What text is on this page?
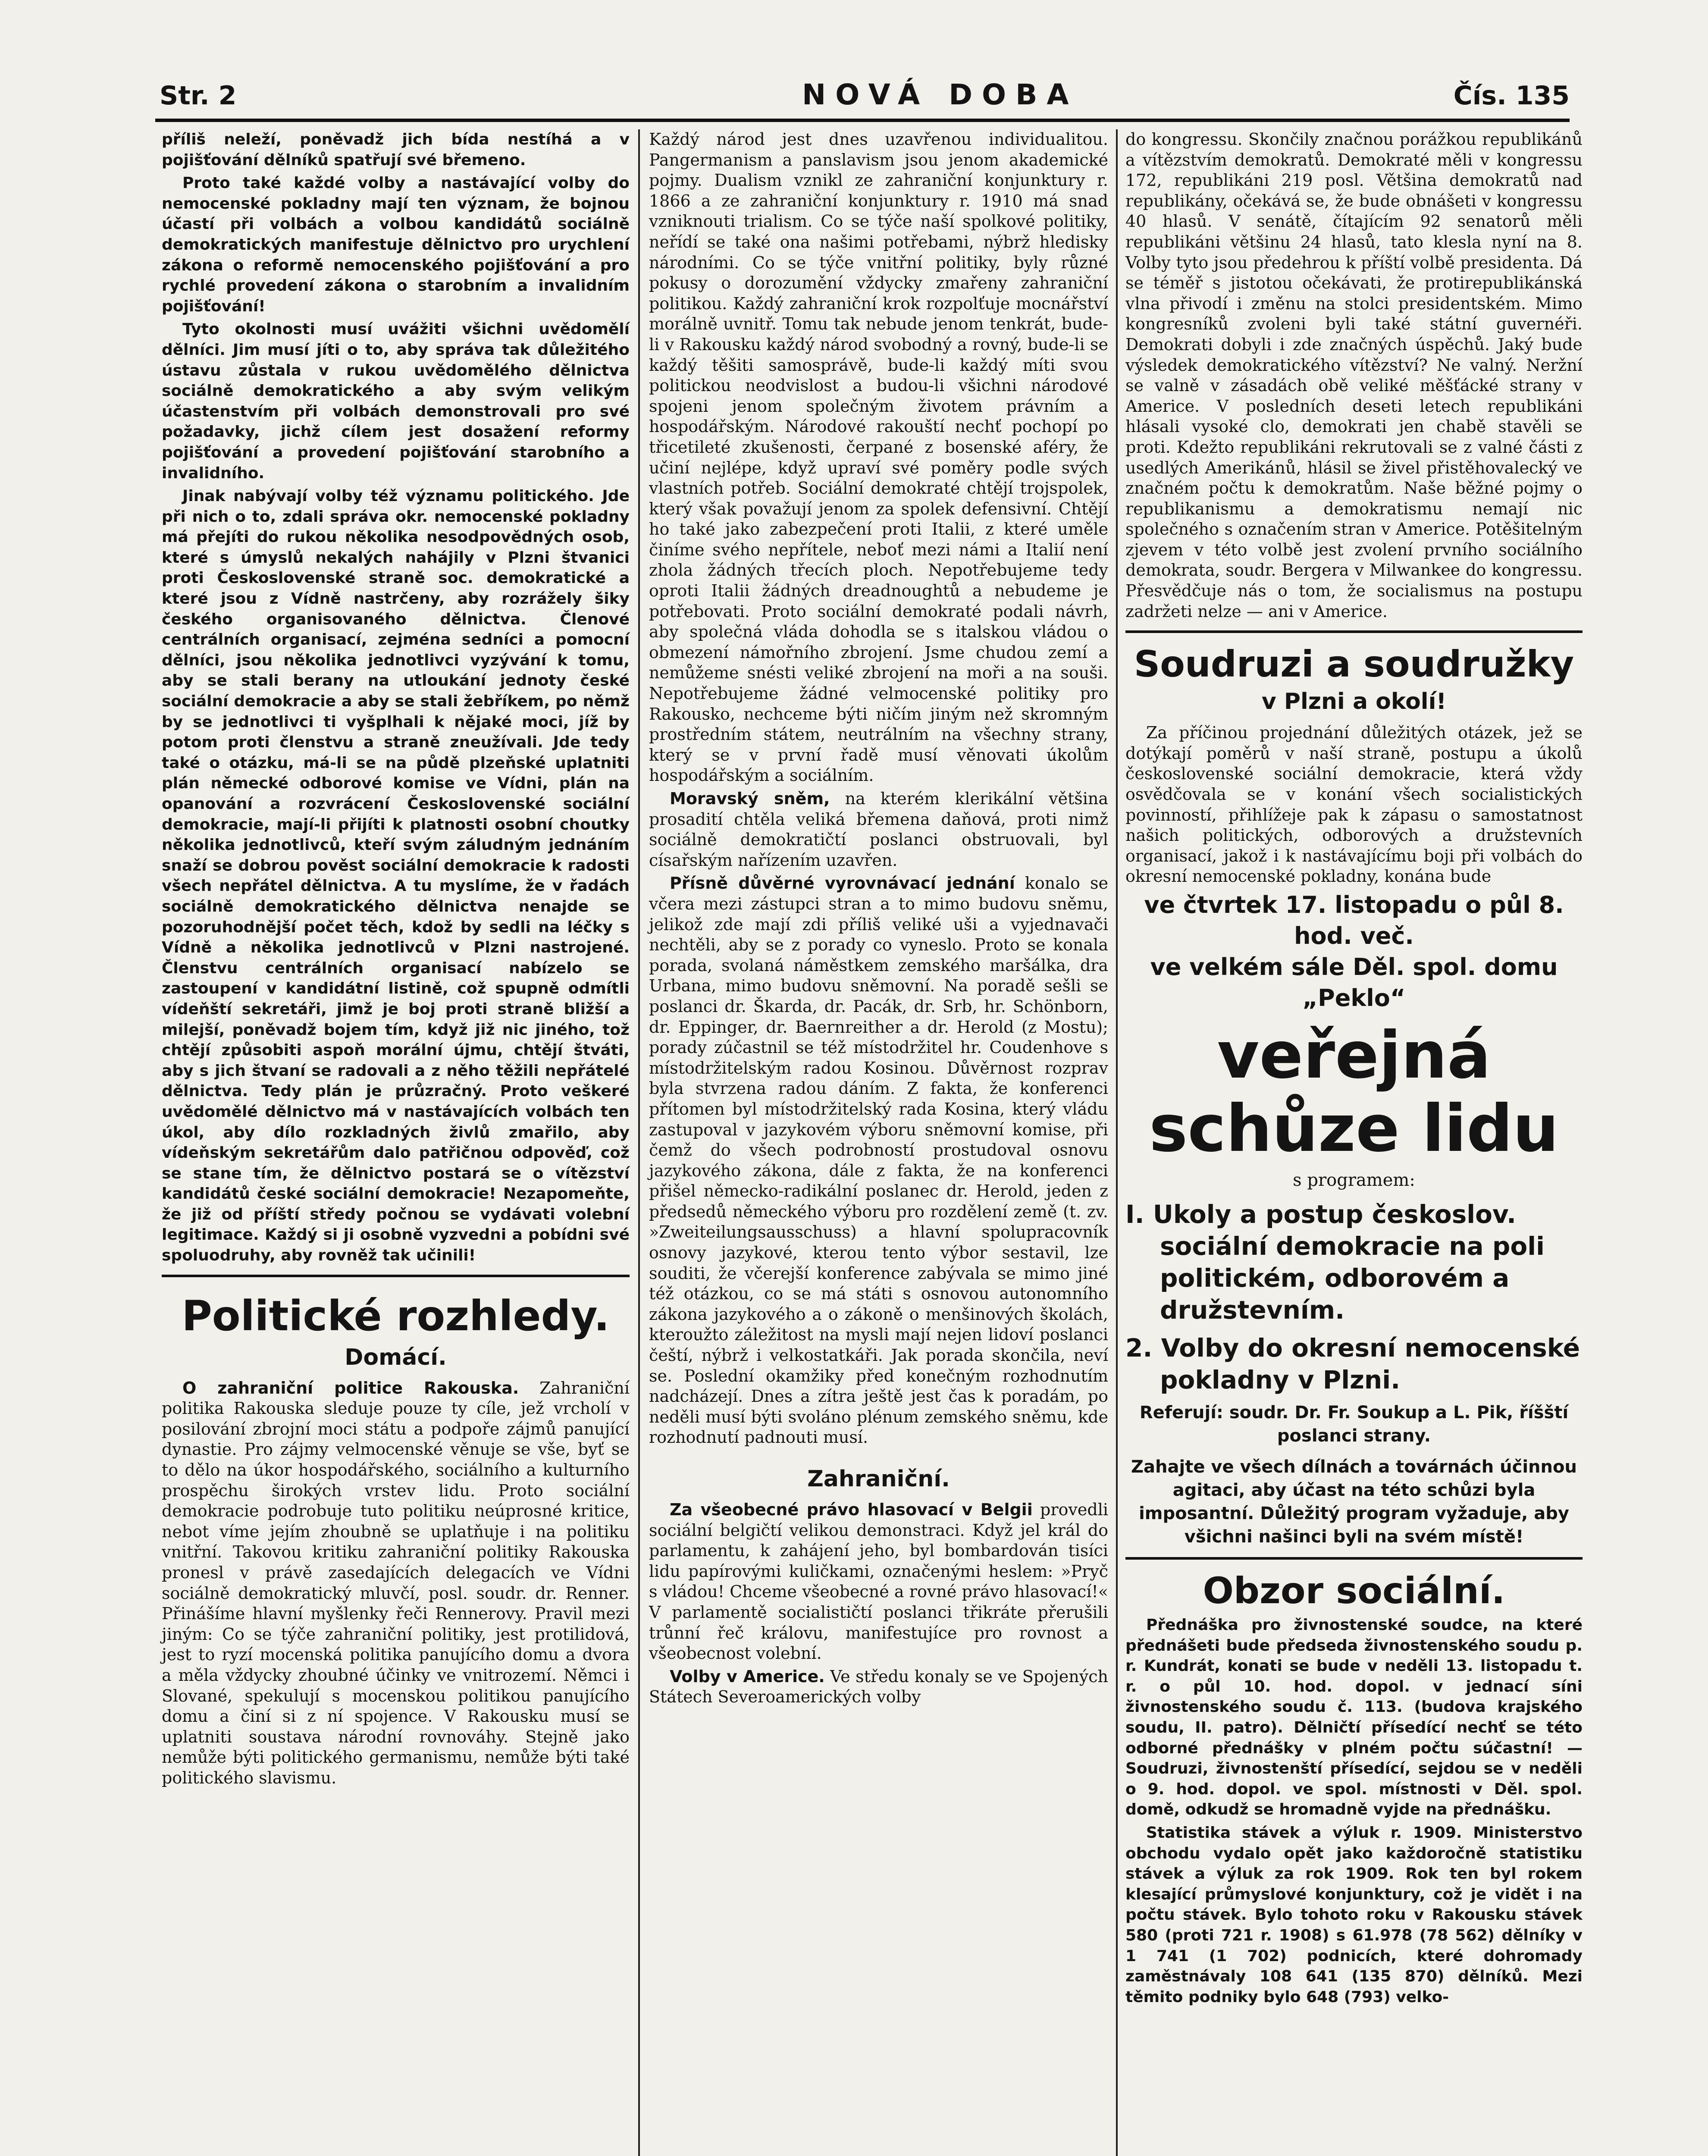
Str. 2	NOVÁ DOBA	Čís. 135

příliš neleží, poněvadž jich bída nestíhá a v pojišťování dělníků spatřují své břemeno.

Proto také každé volby a nastávající volby do nemocenské pokladny mají ten význam, že bojnou účastí při volbách a volbou kandidátů sociálně demokratických manifestuje dělnictvo pro urychlení zákona o reformě nemocenského pojišťování a pro rychlé provedení zákona o starobním a invalidním pojišťování!

Tyto okolnosti musí uvážiti všichni uvědomělí dělníci. Jim musí jíti o to, aby správa tak důležitého ústavu zůstala v rukou uvědomělého dělnictva sociálně demokratického a aby svým velikým účastenstvím při volbách demonstrovali pro své požadavky, jichž cílem jest dosažení reformy pojišťování a provedení pojišťování starobního a invalidního.

Jinak nabývají volby též významu politického. Jde při nich o to, zdali správa okr. nemocenské pokladny má přejíti do rukou několika nesodpovědných osob, které s úmyslů nekalých nahájily v Plzni štvanici proti Československé straně soc. demokratické a které jsou z Vídně nastrčeny, aby rozrážely šiky českého organisovaného dělnictva. Členové centrálních organisací, zejména sedníci a pomocní dělníci, jsou několika jednotlivci vyzývání k tomu, aby se stali berany na utloukání jednoty české sociální demokracie a aby se stali žebříkem, po němž by se jednotlivci ti vyšplhali k nějaké moci, jíž by potom proti členstvu a straně zneužívali. Jde tedy také o otázku, má-li se na půdě plzeňské uplatniti plán německé odborové komise ve Vídni, plán na opanování a rozvrácení Československé sociální demokracie, mají-li přijíti k platnosti osobní choutky několika jednotlivců, kteří svým záludným jednáním snaží se dobrou pověst sociální demokracie k radosti všech nepřátel dělnictva. A tu myslíme, že v řadách sociálně demokratického dělnictva nenajde se pozoruhodnější počet těch, kdož by sedli na léčky s Vídně a několika jednotlivců v Plzni nastrojené. Členstvu centrálních organisací nabízelo se zastoupení v kandidátní listině, což spupně odmítli vídeňští sekretáři, jimž je boj proti straně bližší a milejší, poněvadž bojem tím, když již nic jiného, tož chtějí způsobiti aspoň morální újmu, chtějí štváti, aby s jich štvaní se radovali a z něho těžili nepřátelé dělnictva. Tedy plán je průzračný. Proto veškeré uvědomělé dělnictvo má v nastávajících volbách ten úkol, aby dílo rozkladných živlů zmařilo, aby vídeňským sekretářům dalo patřičnou odpověď, což se stane tím, že dělnictvo postará se o vítězství kandidátů české sociální demokracie! Nezapomeňte, že již od příští středy počnou se vydávati volební legitimace. Každý si ji osobně vyzvedni a pobídni své spoluodruhy, aby rovněž tak učinili!

Politické rozhledy.
Domácí.

O zahraniční politice Rakouska. Zahraniční politika Rakouska sleduje pouze ty cíle, jež vrcholí v posilování zbrojní moci státu a podpoře zájmů panující dynastie. Pro zájmy velmocenské věnuje se vše, byť se to dělo na úkor hospodářského, sociálního a kulturního prospěchu širokých vrstev lidu. Proto sociální demokracie podrobuje tuto politiku neúprosné kritice, nebot víme jejím zhoubně se uplatňuje i na politiku vnitřní. Takovou kritiku zahraniční politiky Rakouska pronesl v právě zasedajících delegacích ve Vídni sociálně demokratický mluvčí, posl. soudr. dr. Renner. Přinášíme hlavní myšlenky řeči Rennerovy. Pravil mezi jiným: Co se týče zahraniční politiky, jest protilidová, jest to ryzí mocenská politika panujícího domu a dvora a měla vždycky zhoubné účinky ve vnitrozemí. Němci i Slované, spekulují s mocenskou politikou panujícího domu a činí si z ní spojence. V Rakousku musí se uplatniti soustava národní rovnováhy. Stejně jako nemůže býti politického germanismu, nemůže býti také politického slavismu.

Každý národ jest dnes uzavřenou individualitou. Pangermanism a panslavism jsou jenom akademické pojmy. Dualism vznikl ze zahraniční konjunktury r. 1866 a ze zahraniční konjunktury r. 1910 má snad vzniknouti trialism. Co se týče naší spolkové politiky, neřídí se také ona našimi potřebami, nýbrž hledisky národními. Co se týče vnitřní politiky, byly různé pokusy o dorozumění vždycky zmařeny zahraniční politikou. Každý zahraniční krok rozpolťuje mocnářství morálně uvnitř. Tomu tak nebude jenom tenkrát, bude-li v Rakousku každý národ svobodný a rovný, bude-li se každý těšiti samosprávě, bude-li každý míti svou politickou neodvislost a budou-li všichni národové spojeni jenom společným životem právním a hospodářským. Národové rakouští nechť pochopí po třicetileté zkušenosti, čerpané z bosenské aféry, že učiní nejlépe, když upraví své poměry podle svých vlastních potřeb. Sociální demokraté chtějí trojspolek, který však považují jenom za spolek defensivní. Chtějí ho také jako zabezpečení proti Italii, z které uměle činíme svého nepřítele, neboť mezi námi a Italií není zhola žádných třecích ploch. Nepotřebujeme tedy oproti Italii žádných dreadnoughtů a nebudeme je potřebovati. Proto sociální demokraté podali návrh, aby společná vláda dohodla se s italskou vládou o obmezení námořního zbrojení. Jsme chudou zemí a nemůžeme snésti veliké zbrojení na moři a na souši. Nepotřebujeme žádné velmocenské politiky pro Rakousko, nechceme býti ničím jiným než skromným prostředním státem, neutrálním na všechny strany, který se v první řadě musí věnovati úkolům hospodářským a sociálním.

Moravský sněm, na kterém klerikální většina prosadití chtěla veliká břemena daňová, proti nimž sociálně demokratičtí poslanci obstruovali, byl císařským nařízením uzavřen.

Přísně důvěrné vyrovnávací jednání konalo se včera mezi zástupci stran a to mimo budovu sněmu, jelikož zde mají zdi příliš veliké uši a vyjednavači nechtěli, aby se z porady co vyneslo. Proto se konala porada, svolaná náměstkem zemského maršálka, dra Urbana, mimo budovu sněmovní. Na poradě sešli se poslanci dr. Škarda, dr. Pacák, dr. Srb, hr. Schönborn, dr. Eppinger, dr. Baernreither a dr. Herold (z Mostu); porady zúčastnil se též místodržitel hr. Coudenhove s místodržitelským radou Kosinou. Důvěrnost rozprav byla stvrzena radou dáním. Z fakta, že konferenci přítomen byl místodržitelský rada Kosina, který vládu zastupoval v jazykovém výboru sněmovní komise, při čemž do všech podrobností prostudoval osnovu jazykového zákona, dále z fakta, že na konferenci přišel německo-radikální poslanec dr. Herold, jeden z předsedů německého výboru pro rozdělení země (t. zv. »Zweiteilungsausschuss) a hlavní spolupracovník osnovy jazykové, kterou tento výbor sestavil, lze souditi, že včerejší konference zabývala se mimo jiné též otázkou, co se má státi s osnovou autonomního zákona jazykového a o zákoně o menšinových školách, kteroužto záležitost na mysli mají nejen lidoví poslanci čeští, nýbrž i velkostatkáři. Jak porada skončila, neví se. Poslední okamžiky před konečným rozhodnutím nadcházejí. Dnes a zítra ještě jest čas k poradám, po neděli musí býti svoláno plénum zemského sněmu, kde rozhodnutí padnouti musí.

Zahraniční.

Za všeobecné právo hlasovací v Belgii provedli sociální belgičtí velikou demonstraci. Když jel král do parlamentu, k zahájení jeho, byl bombardován tisíci lidu papírovými kuličkami, označenými heslem: »Pryč s vládou! Chceme všeobecné a rovné právo hlasovací!« V parlamentě socialističtí poslanci třikráte přerušili trůnní řeč královu, manifestujíce pro rovnost a všeobecnost volební.

Volby v Americe. Ve středu konaly se ve Spojených Státech Severoamerických volby

do kongressu. Skončily značnou porážkou republikánů a vítězstvím demokratů. Demokraté měli v kongressu 172, republikáni 219 posl. Většina demokratů nad republikány, očekává se, že bude obnášeti v kongressu 40 hlasů. V senátě, čítajícím 92 senatorů měli republikáni většinu 24 hlasů, tato klesla nyní na 8. Volby tyto jsou předehrou k příští volbě presidenta. Dá se téměř s jistotou očekávati, že protirepublikánská vlna přivodí i změnu na stolci presidentském. Mimo kongresníků zvoleni byli také státní guvernéři. Demokrati dobyli i zde značných úspěchů. Jaký bude výsledek demokratického vítězství? Ne valný. Neržní se valně v zásadách obě veliké měšťácké strany v Americe. V posledních deseti letech republikáni hlásali vysoké clo, demokrati jen chabě stavěli se proti. Kdežto republikáni rekrutovali se z valné části z usedlých Amerikánů, hlásil se živel přistěhovalecký ve značném počtu k demokratům. Naše běžné pojmy o republikanismu a demokratismu nemají nic společného s označením stran v Americe. Potěšitelným zjevem v této volbě jest zvolení prvního sociálního demokrata, soudr. Bergera v Milwankee do kongressu. Přesvědčuje nás o tom, že socialismus na postupu zadržeti nelze — ani v Americe.

Soudruzi a soudružky
v Plzni a okolí!

Za příčinou projednání důležitých otázek, jež se dotýkají poměrů v naší straně, postupu a úkolů československé sociální demokracie, která vždy osvědčovala se v konání všech socialistických povinností, přihlížeje pak k zápasu o samostatnost našich politických, odborových a družstevních organisací, jakož i k nastávajícímu boji při volbách do okresní nemocenské pokladny, konána bude

ve čtvrtek 17. listopadu o půl 8. hod. več.
ve velkém sále Děl. spol. domu „Peklo“
veřejná schůze lidu

s programem:

I. Ukoly a postup českoslov. sociální demokracie na poli politickém, odborovém a družstevním.
2. Volby do okresní nemocenské pokladny v Plzni.
Referují: soudr. Dr. Fr. Soukup a L. Pik, říšští poslanci strany.
Zahajte ve všech dílnách a továrnách účinnou agitaci, aby účast na této schůzi byla imposantní. Důležitý program vyžaduje, aby všichni našinci byli na svém místě!
Obzor sociální.

Přednáška pro živnostenské soudce, na které přednášeti bude předseda živnostenského soudu p. r. Kundrát, konati se bude v neděli 13. listopadu t. r. o půl 10. hod. dopol. v jednací síni živnostenského soudu č. 113. (budova krajského soudu, II. patro). Dělničtí přísedící nechť se této odborné přednášky v plném počtu súčastní! — Soudruzi, živnostenští přísedící, sejdou se v neděli o 9. hod. dopol. ve spol. místnosti v Děl. spol. domě, odkudž se hromadně vyjde na přednášku.

Statistika stávek a výluk r. 1909. Ministerstvo obchodu vydalo opět jako každoročně statistiku stávek a výluk za rok 1909. Rok ten byl rokem klesající průmyslové konjunktury, což je vidět i na počtu stávek. Bylo tohoto roku v Rakousku stávek 580 (proti 721 r. 1908) s 61.978 (78 562) dělníky v 1 741 (1 702) podnicích, které dohromady zaměstnávaly 108 641 (135 870) dělníků. Mezi těmito podniky bylo 648 (793) velko-
